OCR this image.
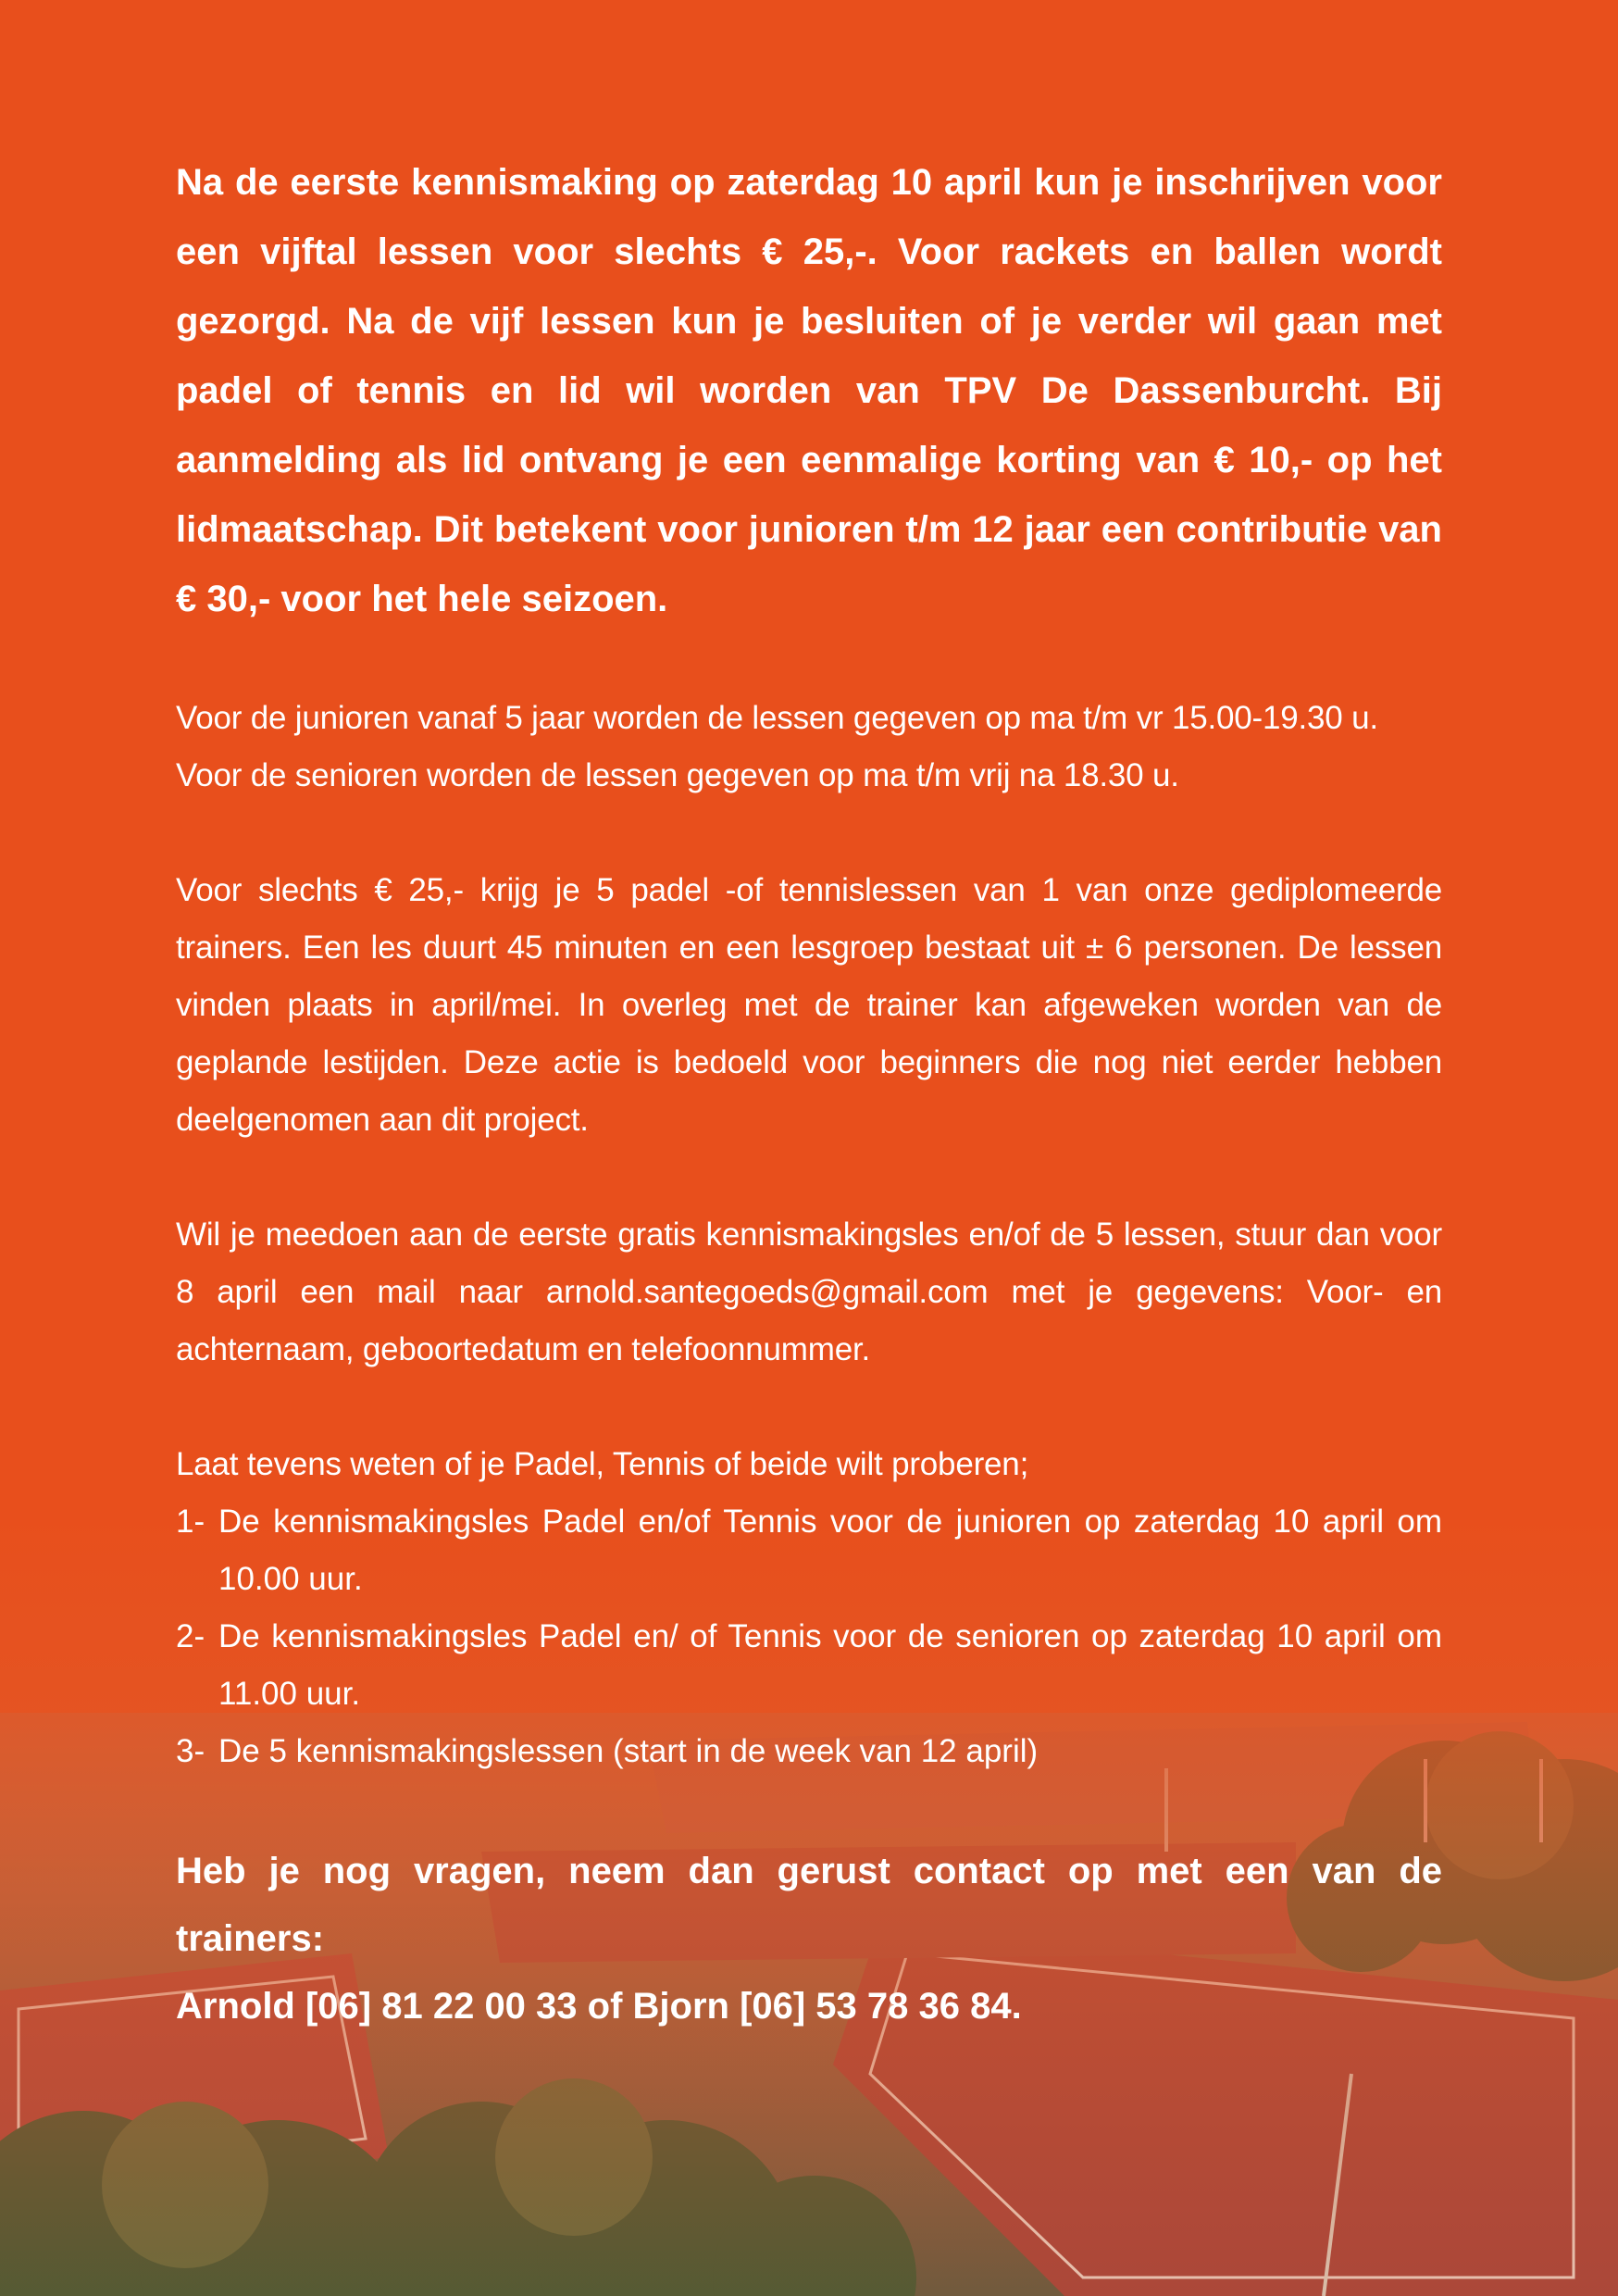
Na de eerste kennismaking op zaterdag 10 april kun je inschrijven voor een vijftal lessen voor slechts € 25,-. Voor rackets en ballen wordt gezorgd. Na de vijf lessen kun je besluiten of je verder wil gaan met padel of tennis en lid wil worden van TPV De Dassenburcht. Bij aanmelding als lid ontvang je een eenmalige korting van € 10,- op het lidmaatschap. Dit betekent voor junioren t/m 12 jaar een contributie van € 30,- voor het hele seizoen.

Voor de junioren vanaf 5 jaar worden de lessen gegeven op ma t/m vr 15.00-19.30 u.

Voor de senioren worden de lessen gegeven op ma t/m vrij na 18.30 u.

Voor slechts € 25,- krijg je 5 padel -of tennislessen van 1 van onze gediplomeerde trainers. Een les duurt 45 minuten en een lesgroep bestaat uit ± 6 personen. De lessen vinden plaats in april/mei. In overleg met de trainer kan afgeweken worden van de geplande lestijden. Deze actie is bedoeld voor beginners die nog niet eerder hebben deelgenomen aan dit project.

Wil je meedoen aan de eerste gratis kennismakingsles en/of de 5 lessen, stuur dan voor 8 april een mail naar arnold.santegoeds@gmail.com met je gegevens: Voor- en achternaam, geboortedatum en telefoonnummer.

Laat tevens weten of je Padel, Tennis of beide wilt proberen;

1- De kennismakingsles Padel en/of Tennis voor de junioren op zaterdag 10 april om 10.00 uur.
2- De kennismakingsles Padel en/ of Tennis voor de senioren op zaterdag 10 april om 11.00 uur.
3- De 5 kennismakingslessen (start in de week van 12 april)

Heb je nog vragen, neem dan gerust contact op met een van de trainers:

Arnold [06] 81 22 00 33 of Bjorn [06] 53 78 36 84.
